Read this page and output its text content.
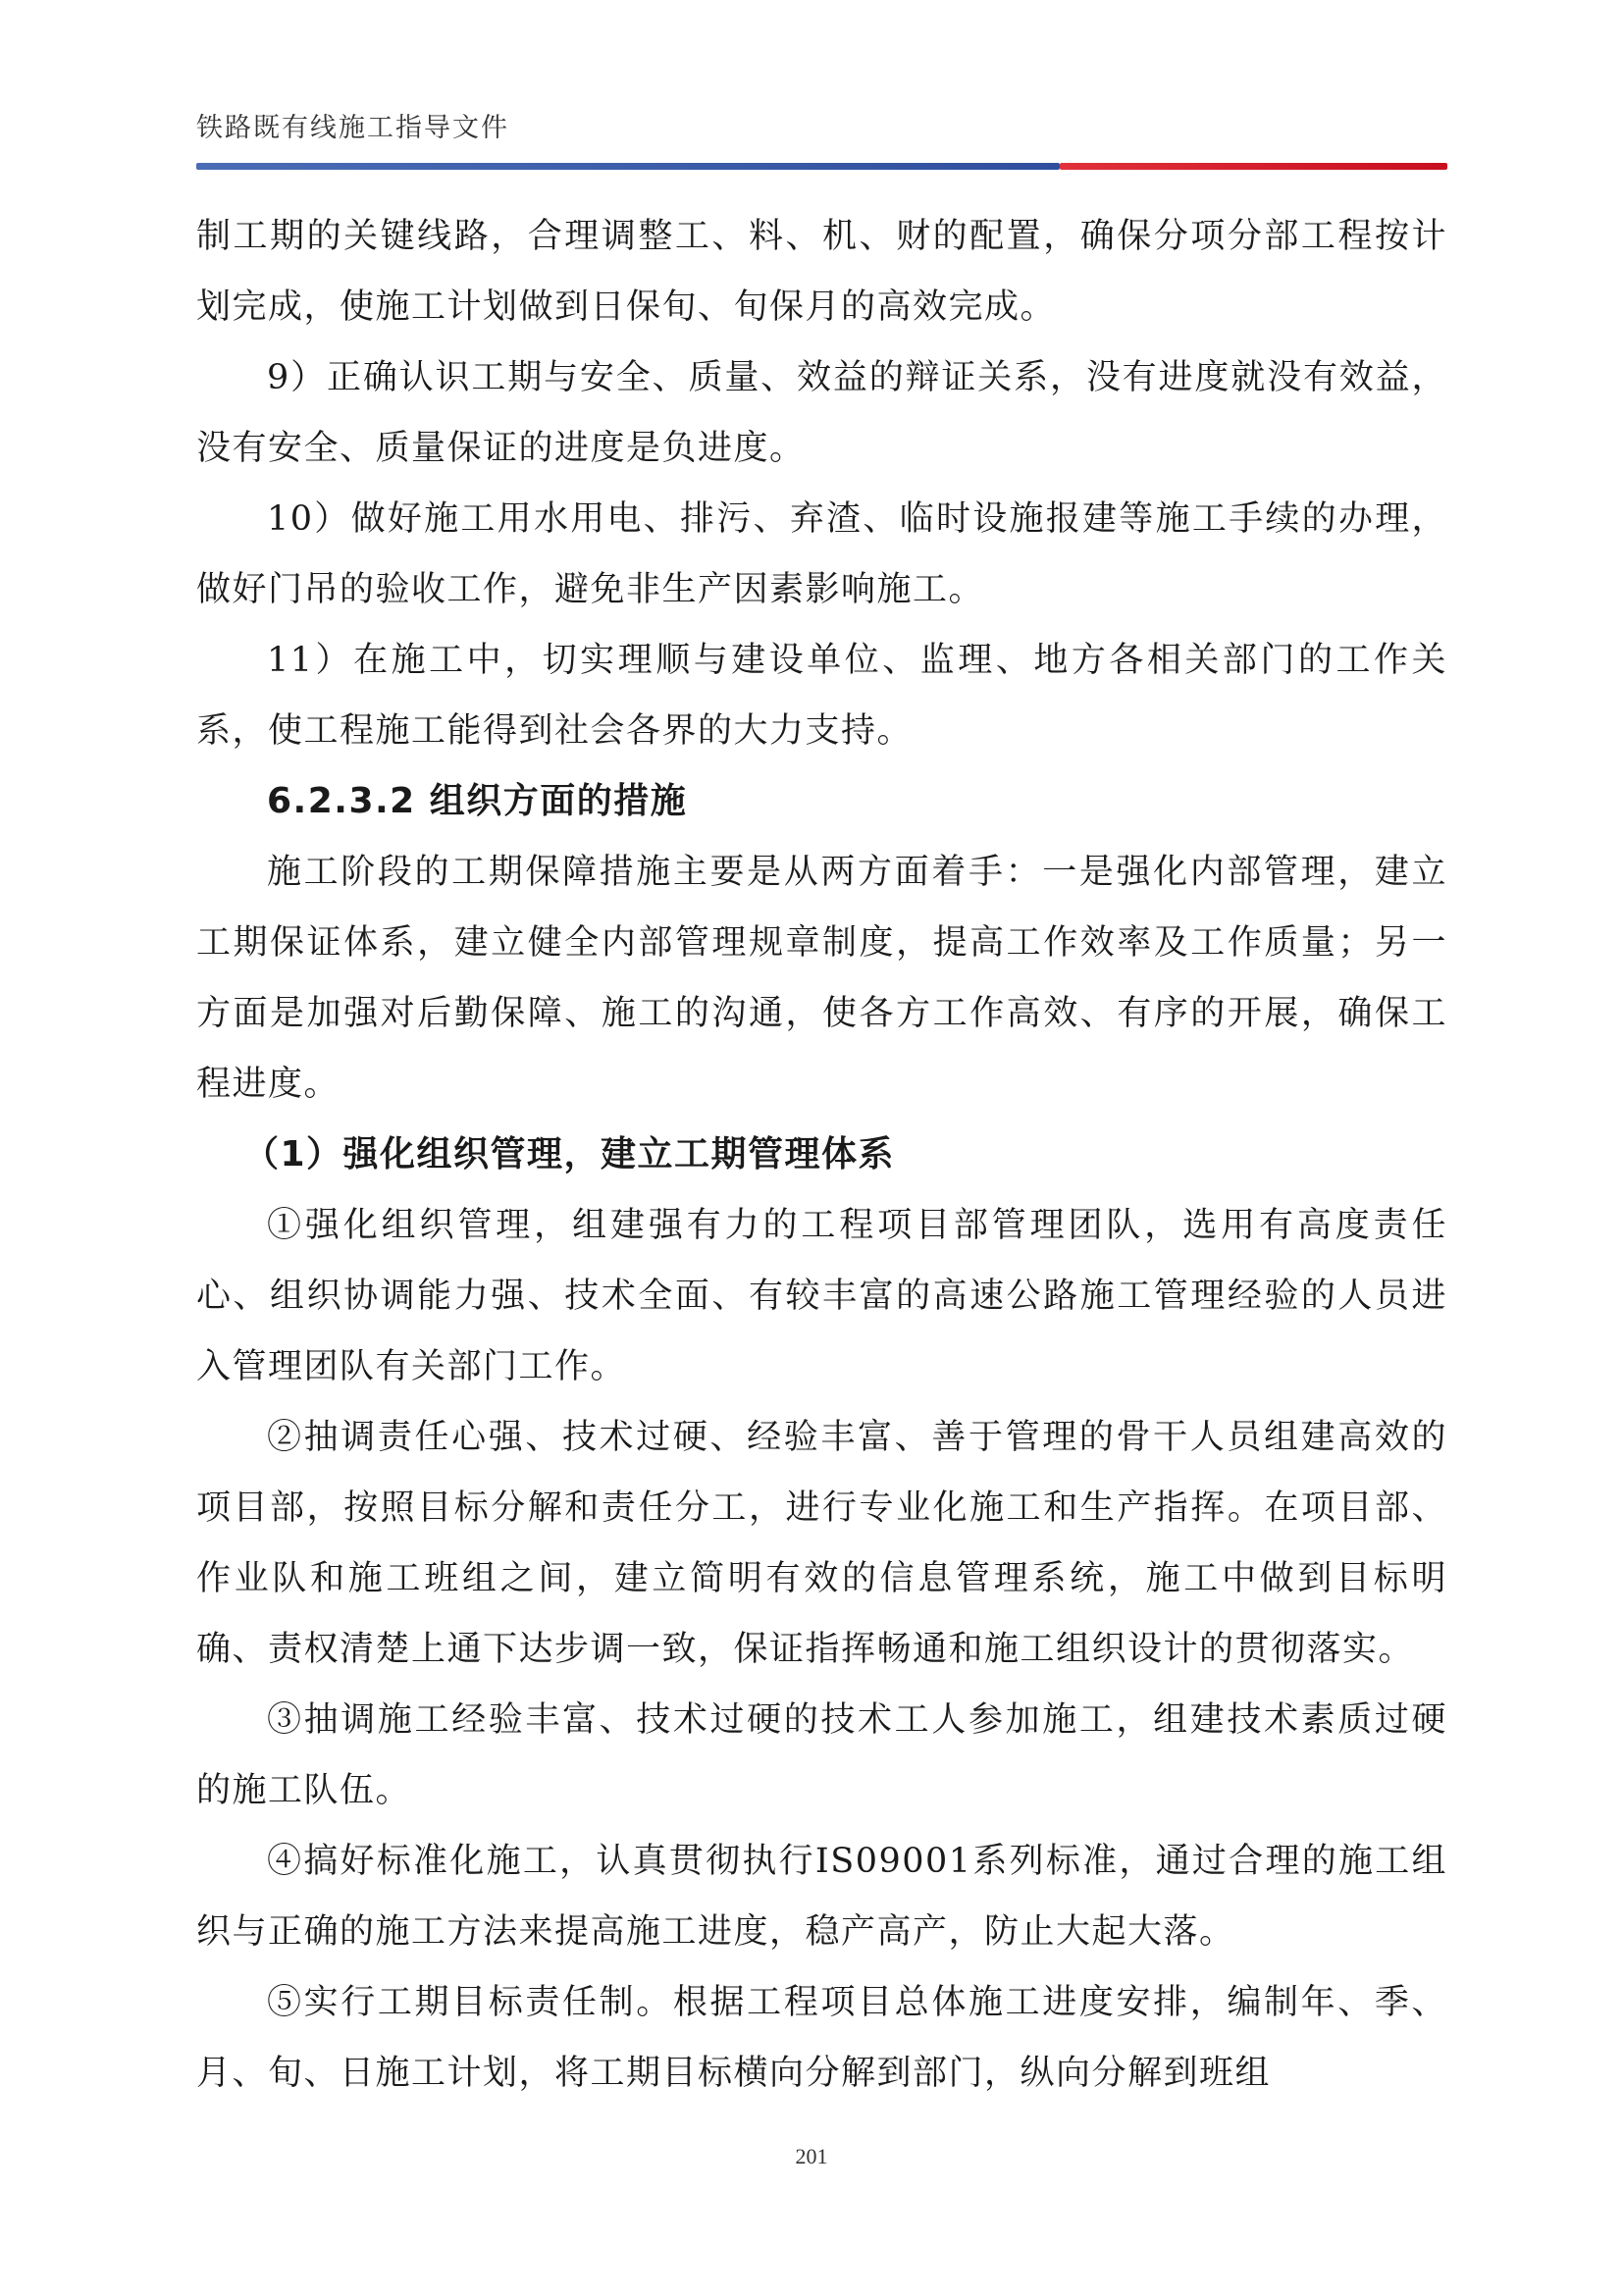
铁路既有线施工指导文件

制工期的关键线路，合理调整工、料、机、财的配置，确保分项分部工程按计划完成，使施工计划做到日保旬、旬保月的高效完成。

9）正确认识工期与安全、质量、效益的辩证关系，没有进度就没有效益，没有安全、质量保证的进度是负进度。

10）做好施工用水用电、排污、弃渣、临时设施报建等施工手续的办理，做好门吊的验收工作，避免非生产因素影响施工。

11）在施工中，切实理顺与建设单位、监理、地方各相关部门的工作关系，使工程施工能得到社会各界的大力支持。

6.2.3.2 组织方面的措施

施工阶段的工期保障措施主要是从两方面着手：一是强化内部管理，建立工期保证体系，建立健全内部管理规章制度，提高工作效率及工作质量；另一方面是加强对后勤保障、施工的沟通，使各方工作高效、有序的开展，确保工程进度。

（1）强化组织管理，建立工期管理体系

①强化组织管理，组建强有力的工程项目部管理团队，选用有高度责任心、组织协调能力强、技术全面、有较丰富的高速公路施工管理经验的人员进入管理团队有关部门工作。

②抽调责任心强、技术过硬、经验丰富、善于管理的骨干人员组建高效的项目部，按照目标分解和责任分工，进行专业化施工和生产指挥。在项目部、作业队和施工班组之间，建立简明有效的信息管理系统，施工中做到目标明确、责权清楚上通下达步调一致，保证指挥畅通和施工组织设计的贯彻落实。

③抽调施工经验丰富、技术过硬的技术工人参加施工，组建技术素质过硬的施工队伍。

④搞好标准化施工，认真贯彻执行IS09001系列标准，通过合理的施工组织与正确的施工方法来提高施工进度，稳产高产，防止大起大落。

⑤实行工期目标责任制。根据工程项目总体施工进度安排，编制年、季、月、旬、日施工计划，将工期目标横向分解到部门，纵向分解到班组

201
